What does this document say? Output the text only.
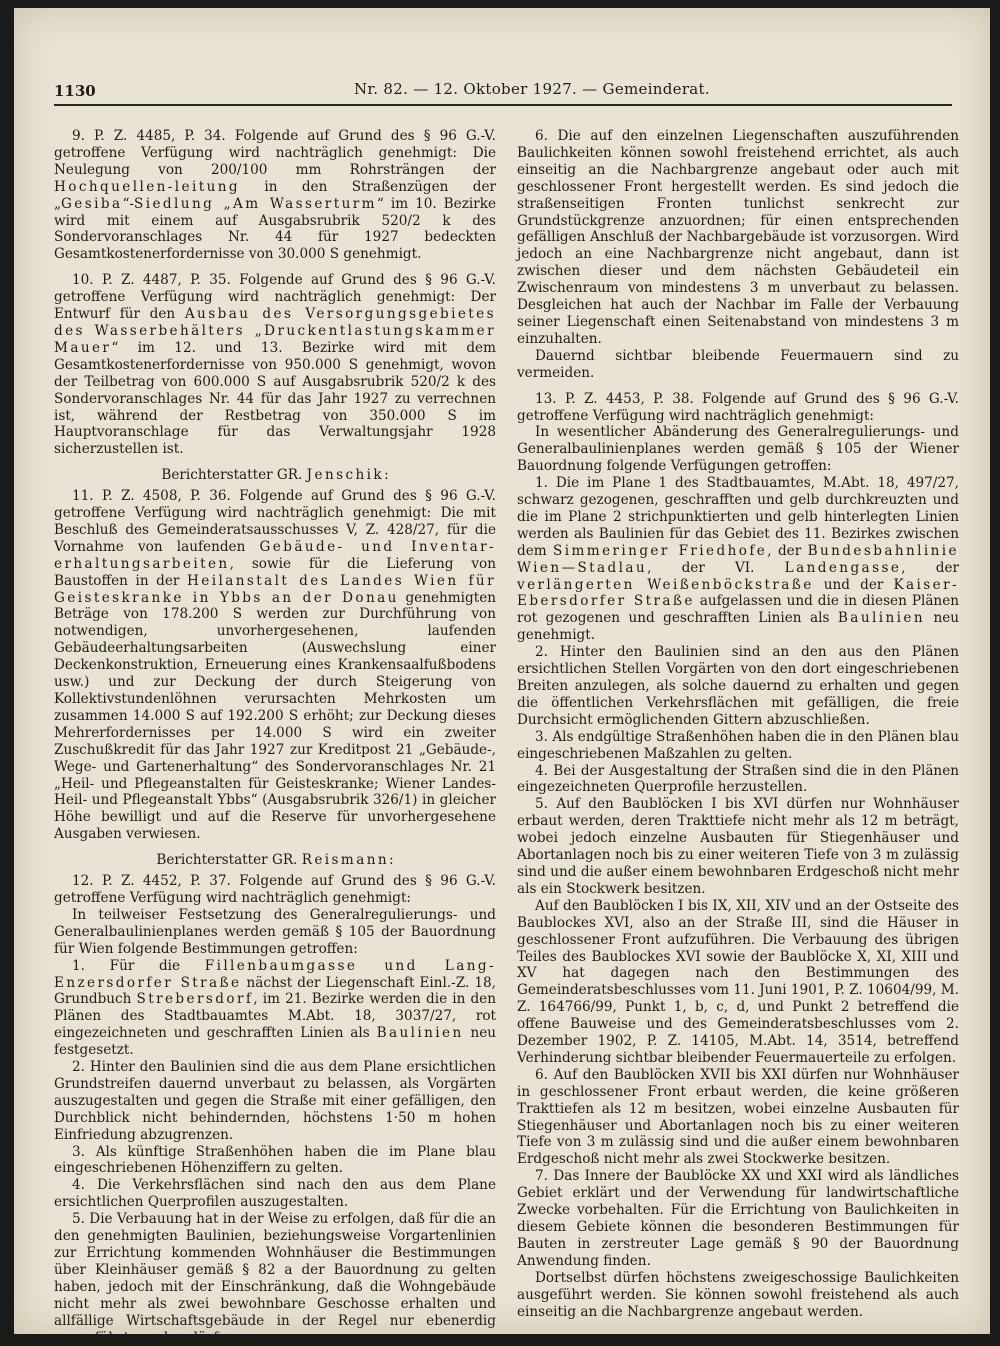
1130	Nr. 82. — 12. Oktober 1927. — Gemeinderat.

9. P. Z. 4485, P. 34. Folgende auf Grund des § 96 G.-V. getroffene Verfügung wird nachträglich genehmigt: Die Neulegung von 200/100 mm Rohrsträngen der Hochquellen-leitung in den Straßenzügen der „Gesiba“-Siedlung „Am Wasserturm“ im 10. Bezirke wird mit einem auf Ausgabsrubrik 520/2 k des Sondervoranschlages Nr. 44 für 1927 bedeckten Gesamtkostenerfordernisse von 30.000 S genehmigt.

10. P. Z. 4487, P. 35. Folgende auf Grund des § 96 G.-V. getroffene Verfügung wird nachträglich genehmigt: Der Entwurf für den Ausbau des Versorgungsgebietes des Wasserbehälters „Druckentlastungskammer Mauer“ im 12. und 13. Bezirke wird mit dem Gesamtkostenerfordernisse von 950.000 S genehmigt, wovon der Teilbetrag von 600.000 S auf Ausgabsrubrik 520/2 k des Sondervoranschlages Nr. 44 für das Jahr 1927 zu verrechnen ist, während der Restbetrag von 350.000 S im Hauptvoranschlage für das Verwaltungsjahr 1928 sicherzustellen ist.

Berichterstatter GR. Jenschik:

11. P. Z. 4508, P. 36. Folgende auf Grund des § 96 G.-V. getroffene Verfügung wird nachträglich genehmigt: Die mit Beschluß des Gemeinderatsausschusses V, Z. 428/27, für die Vornahme von laufenden Gebäude- und Inventar-erhaltungsarbeiten, sowie für die Lieferung von Baustoffen in der Heilanstalt des Landes Wien für Geisteskranke in Ybbs an der Donau genehmigten Beträge von 178.200 S werden zur Durchführung von notwendigen, unvorhergesehenen, laufenden Gebäudeerhaltungsarbeiten (Auswechslung einer Deckenkonstruktion, Erneuerung eines Krankensaalfußbodens usw.) und zur Deckung der durch Steigerung von Kollektivstundenlöhnen verursachten Mehrkosten um zusammen 14.000 S auf 192.200 S erhöht; zur Deckung dieses Mehrerfordernisses per 14.000 S wird ein zweiter Zuschußkredit für das Jahr 1927 zur Kreditpost 21 „Gebäude-, Wege- und Gartenerhaltung“ des Sondervoranschlages Nr. 21 „Heil- und Pflegeanstalten für Geisteskranke; Wiener Landes-Heil- und Pflegeanstalt Ybbs“ (Ausgabsrubrik 326/1) in gleicher Höhe bewilligt und auf die Reserve für unvorhergesehene Ausgaben verwiesen.

Berichterstatter GR. Reismann:

12. P. Z. 4452, P. 37. Folgende auf Grund des § 96 G.-V. getroffene Verfügung wird nachträglich genehmigt:

In teilweiser Festsetzung des Generalregulierungs- und Generalbaulinienplanes werden gemäß § 105 der Bauordnung für Wien folgende Bestimmungen getroffen:

1. Für die Fillenbaumgasse und Lang-Enzersdorfer Straße nächst der Liegenschaft Einl.-Z. 18, Grundbuch Strebersdorf, im 21. Bezirke werden die in den Plänen des Stadtbauamtes M.Abt. 18, 3037/27, rot eingezeichneten und geschrafften Linien als Baulinien neu festgesetzt.

2. Hinter den Baulinien sind die aus dem Plane ersichtlichen Grundstreifen dauernd unverbaut zu belassen, als Vorgärten auszugestalten und gegen die Straße mit einer gefälligen, den Durchblick nicht behindernden, höchstens 1·50 m hohen Einfriedung abzugrenzen.

3. Als künftige Straßenhöhen haben die im Plane blau eingeschriebenen Höhenziffern zu gelten.

4. Die Verkehrsflächen sind nach den aus dem Plane ersichtlichen Querprofilen auszugestalten.

5. Die Verbauung hat in der Weise zu erfolgen, daß für die an den genehmigten Baulinien, beziehungsweise Vorgartenlinien zur Errichtung kommenden Wohnhäuser die Bestimmungen über Kleinhäuser gemäß § 82 a der Bauordnung zu gelten haben, jedoch mit der Einschränkung, daß die Wohngebäude nicht mehr als zwei bewohnbare Geschosse erhalten und allfällige Wirtschaftsgebäude in der Regel nur ebenerdig ausgeführt werden dürfen.

6. Die auf den einzelnen Liegenschaften auszuführenden Baulichkeiten können sowohl freistehend errichtet, als auch einseitig an die Nachbargrenze angebaut oder auch mit geschlossener Front hergestellt werden. Es sind jedoch die straßenseitigen Fronten tunlichst senkrecht zur Grundstückgrenze anzuordnen; für einen entsprechenden gefälligen Anschluß der Nachbargebäude ist vorzusorgen. Wird jedoch an eine Nachbargrenze nicht angebaut, dann ist zwischen dieser und dem nächsten Gebäudeteil ein Zwischenraum von mindestens 3 m unverbaut zu belassen. Desgleichen hat auch der Nachbar im Falle der Verbauung seiner Liegenschaft einen Seitenabstand von mindestens 3 m einzuhalten.

Dauernd sichtbar bleibende Feuermauern sind zu vermeiden.

13. P. Z. 4453, P. 38. Folgende auf Grund des § 96 G.-V. getroffene Verfügung wird nachträglich genehmigt:

In wesentlicher Abänderung des Generalregulierungs- und Generalbaulinienplanes werden gemäß § 105 der Wiener Bauordnung folgende Verfügungen getroffen:

1. Die im Plane 1 des Stadtbauamtes, M.Abt. 18, 497/27, schwarz gezogenen, geschrafften und gelb durchkreuzten und die im Plane 2 strichpunktierten und gelb hinterlegten Linien werden als Baulinien für das Gebiet des 11. Bezirkes zwischen dem Simmeringer Friedhofe, der Bundesbahnlinie Wien—Stadlau, der VI. Landengasse, der verlängerten Weißenböckstraße und der Kaiser-Ebersdorfer Straße aufgelassen und die in diesen Plänen rot gezogenen und geschrafften Linien als Baulinien neu genehmigt.

2. Hinter den Baulinien sind an den aus den Plänen ersichtlichen Stellen Vorgärten von den dort eingeschriebenen Breiten anzulegen, als solche dauernd zu erhalten und gegen die öffentlichen Verkehrsflächen mit gefälligen, die freie Durchsicht ermöglichenden Gittern abzuschließen.

3. Als endgültige Straßenhöhen haben die in den Plänen blau eingeschriebenen Maßzahlen zu gelten.

4. Bei der Ausgestaltung der Straßen sind die in den Plänen eingezeichneten Querprofile herzustellen.

5. Auf den Baublöcken I bis XVI dürfen nur Wohnhäuser erbaut werden, deren Trakttiefe nicht mehr als 12 m beträgt, wobei jedoch einzelne Ausbauten für Stiegenhäuser und Abortanlagen noch bis zu einer weiteren Tiefe von 3 m zulässig sind und die außer einem bewohnbaren Erdgeschoß nicht mehr als ein Stockwerk besitzen.

Auf den Baublöcken I bis IX, XII, XIV und an der Ostseite des Baublockes XVI, also an der Straße III, sind die Häuser in geschlossener Front aufzuführen. Die Verbauung des übrigen Teiles des Baublockes XVI sowie der Baublöcke X, XI, XIII und XV hat dagegen nach den Bestimmungen des Gemeinderatsbeschlusses vom 11. Juni 1901, P. Z. 10604/99, M. Z. 164766/99, Punkt 1, b, c, d, und Punkt 2 betreffend die offene Bauweise und des Gemeinderatsbeschlusses vom 2. Dezember 1902, P. Z. 14105, M.Abt. 14, 3514, betreffend Verhinderung sichtbar bleibender Feuermauerteile zu erfolgen.

6. Auf den Baublöcken XVII bis XXI dürfen nur Wohnhäuser in geschlossener Front erbaut werden, die keine größeren Trakttiefen als 12 m besitzen, wobei einzelne Ausbauten für Stiegenhäuser und Abortanlagen noch bis zu einer weiteren Tiefe von 3 m zulässig sind und die außer einem bewohnbaren Erdgeschoß nicht mehr als zwei Stockwerke besitzen.

7. Das Innere der Baublöcke XX und XXI wird als ländliches Gebiet erklärt und der Verwendung für landwirtschaftliche Zwecke vorbehalten. Für die Errichtung von Baulichkeiten in diesem Gebiete können die besonderen Bestimmungen für Bauten in zerstreuter Lage gemäß § 90 der Bauordnung Anwendung finden.

Dortselbst dürfen höchstens zweigeschossige Baulichkeiten ausgeführt werden. Sie können sowohl freistehend als auch einseitig an die Nachbargrenze angebaut werden.
